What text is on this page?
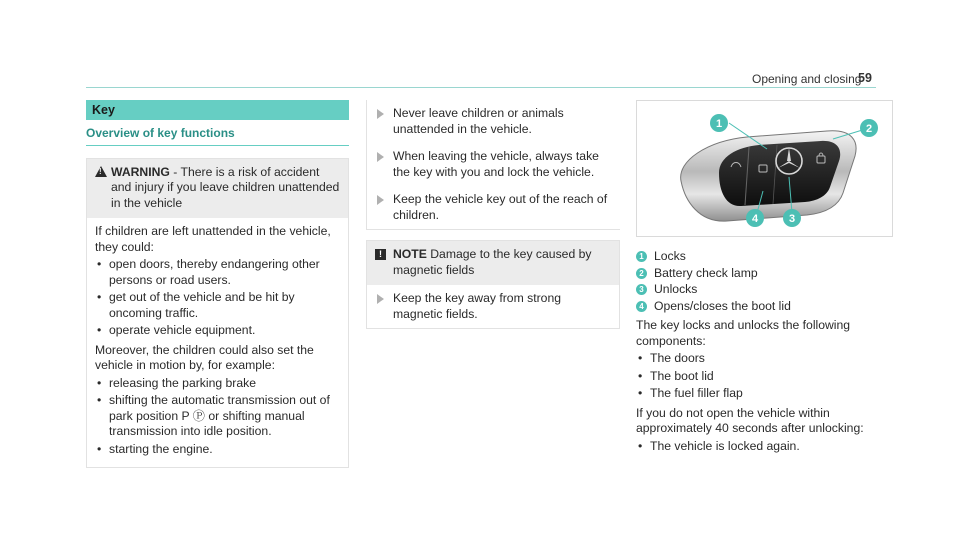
Opening and closing
59
Key
Overview of key functions
!
WARNING - There is a risk of accident and injury if you leave children unattended in the vehicle

If children are left unattended in the vehicle, they could:

• open doors, thereby endangering other persons or road users.
• get out of the vehicle and be hit by oncoming traffic.
• operate vehicle equipment.

Moreover, the children could also set the vehicle in motion by, for example:

• releasing the parking brake
• shifting the automatic transmission out of park position P Ⓟ or shifting manual transmission into idle position.
• starting the engine.
Never leave children or animals unattended in the vehicle.
When leaving the vehicle, always take the key with you and lock the vehicle.
Keep the vehicle key out of the reach of children.
! NOTE Damage to the key caused by magnetic fields
Keep the key away from strong magnetic fields.
1	2
3
4
1 Locks
2 Battery check lamp
3 Unlocks
4 Opens/closes the boot lid

The key locks and unlocks the following components:

• The doors
• The boot lid
• The fuel filler flap

If you do not open the vehicle within approximately 40 seconds after unlocking:

• The vehicle is locked again.
